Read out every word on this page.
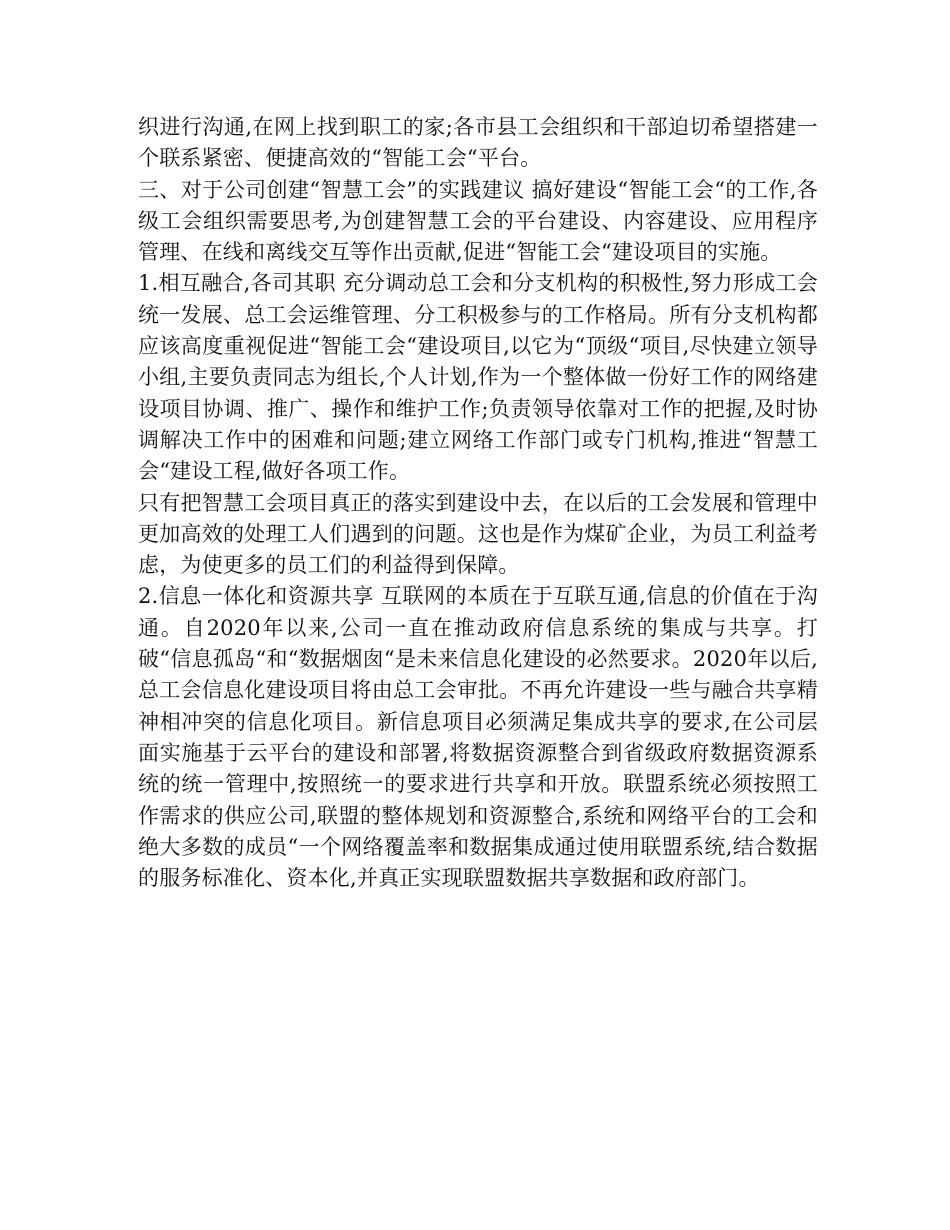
织进行沟通,在网上找到职工的家;各市县工会组织和干部迫切希望搭建一个联系紧密、便捷高效的“智能工会“平台。

三、对于公司创建“智慧工会”的实践建议 搞好建设“智能工会“的工作,各级工会组织需要思考,为创建智慧工会的平台建设、内容建设、应用程序管理、在线和离线交互等作出贡献,促进“智能工会“建设项目的实施。

1.相互融合,各司其职 充分调动总工会和分支机构的积极性,努力形成工会统一发展、总工会运维管理、分工积极参与的工作格局。所有分支机构都应该高度重视促进“智能工会“建设项目,以它为“顶级“项目,尽快建立领导小组,主要负责同志为组长,个人计划,作为一个整体做一份好工作的网络建设项目协调、推广、操作和维护工作;负责领导依靠对工作的把握,及时协调解决工作中的困难和问题;建立网络工作部门或专门机构,推进“智慧工会“建设工程,做好各项工作。

只有把智慧工会项目真正的落实到建设中去，在以后的工会发展和管理中更加高效的处理工人们遇到的问题。这也是作为煤矿企业，为员工利益考虑，为使更多的员工们的利益得到保障。

2.信息一体化和资源共享 互联网的本质在于互联互通,信息的价值在于沟通。自2020年以来,公司一直在推动政府信息系统的集成与共享。打破“信息孤岛“和“数据烟囱“是未来信息化建设的必然要求。2020年以后,总工会信息化建设项目将由总工会审批。不再允许建设一些与融合共享精神相冲突的信息化项目。新信息项目必须满足集成共享的要求,在公司层面实施基于云平台的建设和部署,将数据资源整合到省级政府数据资源系统的统一管理中,按照统一的要求进行共享和开放。联盟系统必须按照工作需求的供应公司,联盟的整体规划和资源整合,系统和网络平台的工会和绝大多数的成员“一个网络覆盖率和数据集成通过使用联盟系统,结合数据的服务标准化、资本化,并真正实现联盟数据共享数据和政府部门。
